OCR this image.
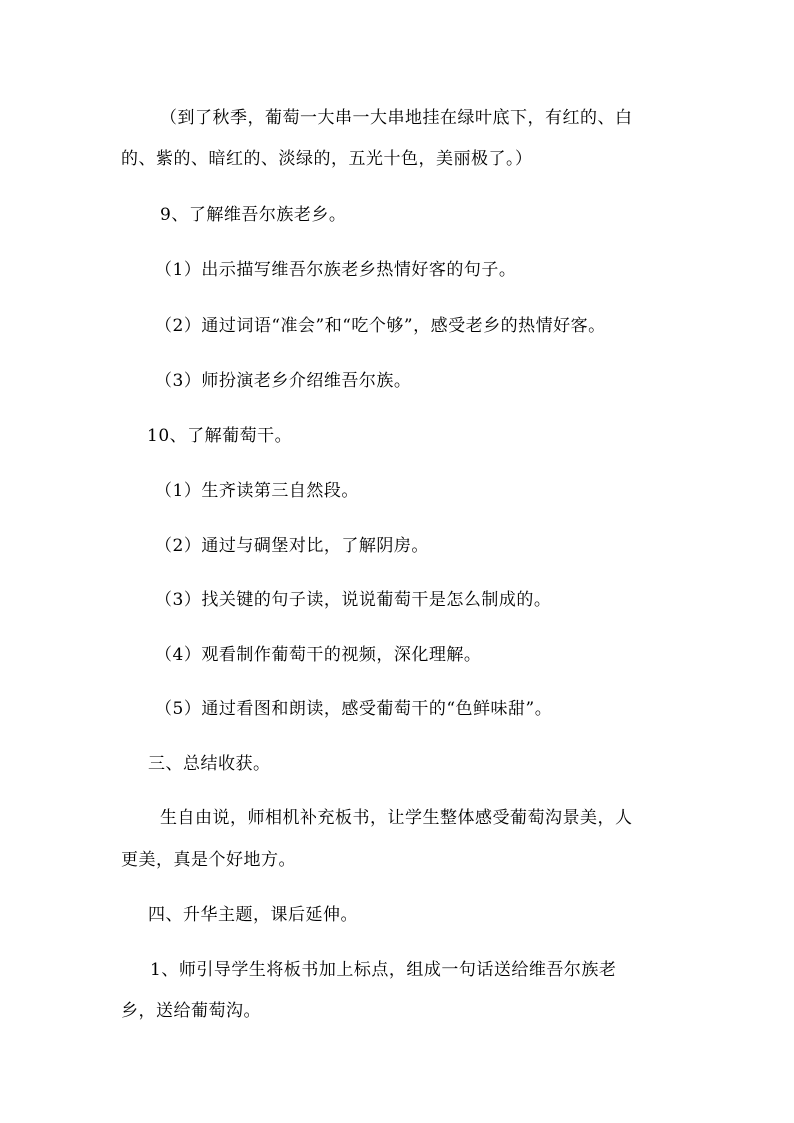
（到了秋季，葡萄一大串一大串地挂在绿叶底下，有红的、白
的、紫的、暗红的、淡绿的，五光十色，美丽极了。）
9、了解维吾尔族老乡。
（1）出示描写维吾尔族老乡热情好客的句子。
（2）通过词语“准会”和“吃个够”，感受老乡的热情好客。
（3）师扮演老乡介绍维吾尔族。
10、了解葡萄干。
（1）生齐读第三自然段。
（2）通过与碉堡对比，了解阴房。
（3）找关键的句子读，说说葡萄干是怎么制成的。
（4）观看制作葡萄干的视频，深化理解。
（5）通过看图和朗读，感受葡萄干的“色鲜味甜”。
三、总结收获。
生自由说，师相机补充板书，让学生整体感受葡萄沟景美，人
更美，真是个好地方。
四、升华主题，课后延伸。
1、师引导学生将板书加上标点，组成一句话送给维吾尔族老
乡，送给葡萄沟。
